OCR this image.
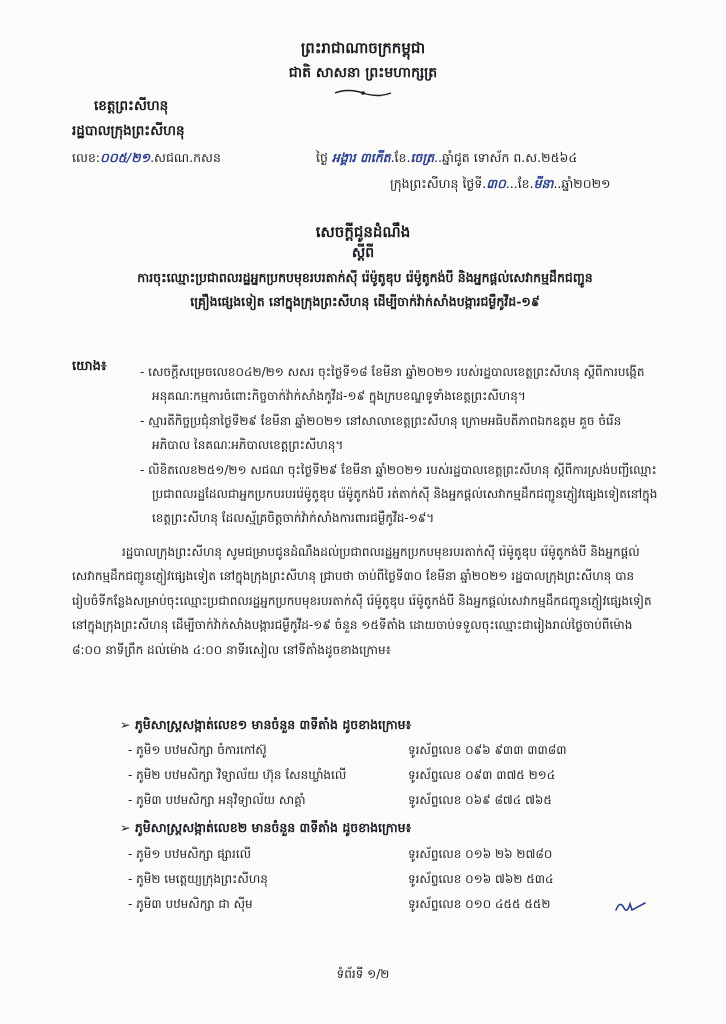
ព្រះរាជាណាចក្រកម្ពុជា
ជាតិ សាសនា ព្រះមហាក្សត្រ
ខេត្តព្រះសីហនុ
រដ្ឋបាលក្រុងព្រះសីហនុ
លេខ:០០៥/២១.សជណ.កសន	ថ្ងៃ អង្គារ ៣កេីត.ខែ.ចេត្រ..ឆ្នាំជូត ទោស័ក ព.ស.២៥៦៤
ក្រុងព្រះសីហនុ ថ្ងៃទី.៣០...ខែ.មីនា..ឆ្នាំ២០២១
សេចក្តីជូនដំណឹង
ស្តីពី
ការចុះឈ្មោះប្រជាពលរដ្ឋអ្នកប្រកបមុខរបរតាក់ស៊ី រ៉េម៉ូតូឌុប រ៉េម៉ូតូកង់បី និងអ្នកផ្តល់សេវាកម្មដឹកជញ្ជូនគ្រឿងផ្សេងទៀត នៅក្នុងក្រុងព្រះសីហនុ ដើម្បីចាក់វ៉ាក់សាំងបង្ការជម្ងឺកូវីដ-១៩
យោង៖	- សេចក្តីសម្រេចលេខ០៤២/២១ សសរ ចុះថ្ងៃទី១៨ ខែមីនា ឆ្នាំ២០២១ របស់រដ្ឋបាលខេត្តព្រះសីហនុ ស្តីពីការបង្កើតអនុគណៈកម្មការចំពោះកិច្ចចាក់វ៉ាក់សាំងកូវីដ-១៩ ក្នុងក្របខណ្ឌទូទាំងខេត្តព្រះសីហនុ។

- ស្មារតីកិច្ចប្រជុំនាថ្ងៃទី២៩ ខែមីនា ឆ្នាំ២០២១ នៅសាលាខេត្តព្រះសីហនុ ក្រោមអធិបតីភាពឯកឧត្តម គួច ចំរើន អភិបាល នៃគណៈអភិបាលខេត្តព្រះសីហនុ។

- លិខិតលេខ២៥១/២១ សជណ ចុះថ្ងៃទី២៩ ខែមីនា ឆ្នាំ២០២១ របស់រដ្ឋបាលខេត្តព្រះសីហនុ ស្តីពីការស្រង់បញ្ជីឈ្មោះប្រជាពលរដ្ឋដែលជាអ្នកប្រកបរបររ៉េម៉ូតូឌុប រ៉េម៉ូតូកង់បី រត់តាក់ស៊ី និងអ្នកផ្តល់សេវាកម្មដឹកជញ្ជូនភ្ញៀវផ្សេងទៀតនៅក្នុងខេត្តព្រះសីហនុ ដែលស្ម័គ្រចិត្តចាក់វ៉ាក់សាំងការពារជម្ងឺកូវីដ-១៩។

រដ្ឋបាលក្រុងព្រះសីហនុ សូមជម្រាបជូនដំណឹងដល់ប្រជាពលរដ្ឋអ្នកប្រកបមុខរបរតាក់ស៊ី រ៉េម៉ូតូឌុប រ៉េម៉ូតូកង់បី និងអ្នកផ្តល់សេវាកម្មដឹកជញ្ជូនភ្ញៀវផ្សេងទៀត នៅក្នុងក្រុងព្រះសីហនុ ជ្រាបថា ចាប់ពីថ្ងៃទី៣០ ខែមីនា ឆ្នាំ២០២១ រដ្ឋបាលក្រុងព្រះសីហនុ បានរៀបចំទីកន្លែងសម្រាប់ចុះឈ្មោះប្រជាពលរដ្ឋអ្នកប្រកបមុខរបរតាក់ស៊ី រ៉េម៉ូតូឌុប រ៉េម៉ូតូកង់បី និងអ្នកផ្តល់សេវាកម្មដឹកជញ្ជូនភ្ញៀវផ្សេងទៀត នៅក្នុងក្រុងព្រះសីហនុ ដើម្បីចាក់វ៉ាក់សាំងបង្ការជម្ងឺកូវីដ-១៩ ចំនួន ១៥ទីតាំង ដោយចាប់ទទួលចុះឈ្មោះជារៀងរាល់ថ្ងៃចាប់ពីម៉ោង ៨:០០ នាទីព្រឹក ដល់ម៉ោង ៤:០០ នាទីរសៀល នៅទីតាំងដូចខាងក្រោម៖
➢ ភូមិសាស្ត្រសង្កាត់លេខ១ មានចំនួន ៣ទីតាំង ដូចខាងក្រោម៖
- ភូមិ១ បឋមសិក្សា ចំការកៅស៊ូ	ទូរស័ព្ទលេខ ០៩៦ ៩៣៣ ៣៣៨៣
- ភូមិ២ បឋមសិក្សា វិទ្យាល័យ ហ៊ុន សែនឃ្លាំងលើ	ទូរស័ព្ទលេខ ០៩៣ ៣៧៥ ២១៤
- ភូមិ៣ បឋមសិក្សា អនុវិទ្យាល័យ សាគ្គាំ	ទូរស័ព្ទលេខ ០៦៩ ៨៧៤ ៧៦៥
➢ ភូមិសាស្ត្រសង្កាត់លេខ២ មានចំនួន ៣ទីតាំង ដូចខាងក្រោម៖
- ភូមិ១ បឋមសិក្សា ផ្សារលើ	ទូរស័ព្ទលេខ ០១៦ ២៦ ២៧៨០
- ភូមិ២ មេត្តេយ្យក្រុងព្រះសីហនុ	ទូរស័ព្ទលេខ ០១៦ ៧៦២ ៥៣៤
- ភូមិ៣ បឋមសិក្សា ជា ស៊ីម	ទូរស័ព្ទលេខ ០១០ ៤៥៥ ៥៥២
ទំព័រទី ១/២
